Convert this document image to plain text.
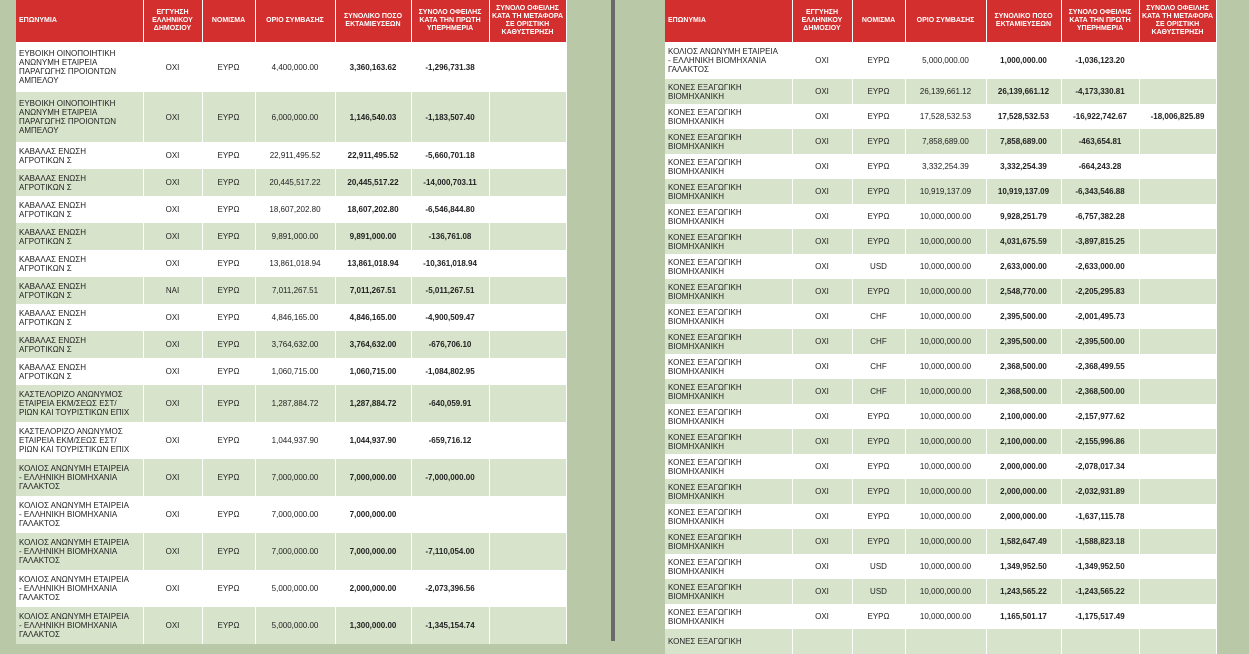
ΕΠΩΝΥΜΙΑ	ΕΓΓΥΗΣΗ ΕΛΛΗΝΙΚΟΥ ΔΗΜΟΣΙΟΥ	ΝΟΜΙΣΜΑ	ΟΡΙΟ ΣΥΜΒΑΣΗΣ	ΣΥΝΟΛΙΚΟ ΠΟΣΟ ΕΚΤΑΜΙΕΥΣΕΩΝ	ΣΥΝΟΛΟ ΟΦΕΙΛΗΣ ΚΑΤΑ ΤΗΝ ΠΡΩΤΗ ΥΠΕΡΗΜΕΡΙΑ	ΣΥΝΟΛΟ ΟΦΕΙΛΗΣ ΚΑΤΑ ΤΗ ΜΕΤΑΦΟΡΑ ΣΕ ΟΡΙΣΤΙΚΗ ΚΑΘΥΣΤΕΡΗΣΗ
ΕΥΒΟΙΚΗ ΟΙΝΟΠΟΙΗΤΙΚΗ
ΑΝΩΝΥΜΗ ΕΤΑΙΡΕΙΑ
ΠΑΡΑΓΩΓΗΣ ΠΡΟΙΟΝΤΩΝ
ΑΜΠΕΛΟΥ	ΟΧΙ	ΕΥΡΩ	4,400,000.00	3,360,163.62	-1,296,731.38	
ΕΥΒΟΙΚΗ ΟΙΝΟΠΟΙΗΤΙΚΗ
ΑΝΩΝΥΜΗ ΕΤΑΙΡΕΙΑ
ΠΑΡΑΓΩΓΗΣ ΠΡΟΙΟΝΤΩΝ
ΑΜΠΕΛΟΥ	ΟΧΙ	ΕΥΡΩ	6,000,000.00	1,146,540.03	-1,183,507.40	
ΚΑΒΑΛΑΣ ΕΝΩΣΗ
ΑΓΡΟΤΙΚΩΝ Σ	ΟΧΙ	ΕΥΡΩ	22,911,495.52	22,911,495.52	-5,660,701.18	
ΚΑΒΑΛΑΣ ΕΝΩΣΗ
ΑΓΡΟΤΙΚΩΝ Σ	ΟΧΙ	ΕΥΡΩ	20,445,517.22	20,445,517.22	-14,000,703.11	
ΚΑΒΑΛΑΣ ΕΝΩΣΗ
ΑΓΡΟΤΙΚΩΝ Σ	ΟΧΙ	ΕΥΡΩ	18,607,202.80	18,607,202.80	-6,546,844.80	
ΚΑΒΑΛΑΣ ΕΝΩΣΗ
ΑΓΡΟΤΙΚΩΝ Σ	ΟΧΙ	ΕΥΡΩ	9,891,000.00	9,891,000.00	-136,761.08	
ΚΑΒΑΛΑΣ ΕΝΩΣΗ
ΑΓΡΟΤΙΚΩΝ Σ	ΟΧΙ	ΕΥΡΩ	13,861,018.94	13,861,018.94	-10,361,018.94	
ΚΑΒΑΛΑΣ ΕΝΩΣΗ
ΑΓΡΟΤΙΚΩΝ Σ	ΝΑΙ	ΕΥΡΩ	7,011,267.51	7,011,267.51	-5,011,267.51	
ΚΑΒΑΛΑΣ ΕΝΩΣΗ
ΑΓΡΟΤΙΚΩΝ Σ	ΟΧΙ	ΕΥΡΩ	4,846,165.00	4,846,165.00	-4,900,509.47	
ΚΑΒΑΛΑΣ ΕΝΩΣΗ
ΑΓΡΟΤΙΚΩΝ Σ	ΟΧΙ	ΕΥΡΩ	3,764,632.00	3,764,632.00	-676,706.10	
ΚΑΒΑΛΑΣ ΕΝΩΣΗ
ΑΓΡΟΤΙΚΩΝ Σ	ΟΧΙ	ΕΥΡΩ	1,060,715.00	1,060,715.00	-1,084,802.95	
ΚΑΣΤΕΛΟΡΙΖΟ ΑΝΩΝΥΜΟΣ
ΕΤΑΙΡΕΙΑ ΕΚΜ/ΣΕΩΣ ΕΣΤ/
ΡΙΩΝ ΚΑΙ ΤΟΥΡΙΣΤΙΚΩΝ ΕΠΙΧ	ΟΧΙ	ΕΥΡΩ	1,287,884.72	1,287,884.72	-640,059.91	
ΚΑΣΤΕΛΟΡΙΖΟ ΑΝΩΝΥΜΟΣ
ΕΤΑΙΡΕΙΑ ΕΚΜ/ΣΕΩΣ ΕΣΤ/
ΡΙΩΝ ΚΑΙ ΤΟΥΡΙΣΤΙΚΩΝ ΕΠΙΧ	ΟΧΙ	ΕΥΡΩ	1,044,937.90	1,044,937.90	-659,716.12	
ΚΟΛΙΟΣ ΑΝΩΝΥΜΗ ΕΤΑΙΡΕΙΑ
- ΕΛΛΗΝΙΚΗ ΒΙΟΜΗΧΑΝΙΑ
ΓΑΛΑΚΤΟΣ	ΟΧΙ	ΕΥΡΩ	7,000,000.00	7,000,000.00	-7,000,000.00	
ΚΟΛΙΟΣ ΑΝΩΝΥΜΗ ΕΤΑΙΡΕΙΑ
- ΕΛΛΗΝΙΚΗ ΒΙΟΜΗΧΑΝΙΑ
ΓΑΛΑΚΤΟΣ	ΟΧΙ	ΕΥΡΩ	7,000,000.00	7,000,000.00		
ΚΟΛΙΟΣ ΑΝΩΝΥΜΗ ΕΤΑΙΡΕΙΑ
- ΕΛΛΗΝΙΚΗ ΒΙΟΜΗΧΑΝΙΑ
ΓΑΛΑΚΤΟΣ	ΟΧΙ	ΕΥΡΩ	7,000,000.00	7,000,000.00	-7,110,054.00	
ΚΟΛΙΟΣ ΑΝΩΝΥΜΗ ΕΤΑΙΡΕΙΑ
- ΕΛΛΗΝΙΚΗ ΒΙΟΜΗΧΑΝΙΑ
ΓΑΛΑΚΤΟΣ	ΟΧΙ	ΕΥΡΩ	5,000,000.00	2,000,000.00	-2,073,396.56	
ΚΟΛΙΟΣ ΑΝΩΝΥΜΗ ΕΤΑΙΡΕΙΑ
- ΕΛΛΗΝΙΚΗ ΒΙΟΜΗΧΑΝΙΑ
ΓΑΛΑΚΤΟΣ	ΟΧΙ	ΕΥΡΩ	5,000,000.00	1,300,000.00	-1,345,154.74	
ΕΠΩΝΥΜΙΑ	ΕΓΓΥΗΣΗ ΕΛΛΗΝΙΚΟΥ ΔΗΜΟΣΙΟΥ	ΝΟΜΙΣΜΑ	ΟΡΙΟ ΣΥΜΒΑΣΗΣ	ΣΥΝΟΛΙΚΟ ΠΟΣΟ ΕΚΤΑΜΙΕΥΣΕΩΝ	ΣΥΝΟΛΟ ΟΦΕΙΛΗΣ ΚΑΤΑ ΤΗΝ ΠΡΩΤΗ ΥΠΕΡΗΜΕΡΙΑ	ΣΥΝΟΛΟ ΟΦΕΙΛΗΣ ΚΑΤΑ ΤΗ ΜΕΤΑΦΟΡΑ ΣΕ ΟΡΙΣΤΙΚΗ ΚΑΘΥΣΤΕΡΗΣΗ
ΚΟΛΙΟΣ ΑΝΩΝΥΜΗ ΕΤΑΙΡΕΙΑ
- ΕΛΛΗΝΙΚΗ ΒΙΟΜΗΧΑΝΙΑ
ΓΑΛΑΚΤΟΣ	ΟΧΙ	ΕΥΡΩ	5,000,000.00	1,000,000.00	-1,036,123.20	
ΚΟΝΕΣ ΕΞΑΓΩΓΙΚΗ
ΒΙΟΜΗΧΑΝΙΚΗ	ΟΧΙ	ΕΥΡΩ	26,139,661.12	26,139,661.12	-4,173,330.81	
ΚΟΝΕΣ ΕΞΑΓΩΓΙΚΗ
ΒΙΟΜΗΧΑΝΙΚΗ	ΟΧΙ	ΕΥΡΩ	17,528,532.53	17,528,532.53	-16,922,742.67	-18,006,825.89
ΚΟΝΕΣ ΕΞΑΓΩΓΙΚΗ
ΒΙΟΜΗΧΑΝΙΚΗ	ΟΧΙ	ΕΥΡΩ	7,858,689.00	7,858,689.00	-463,654.81	
ΚΟΝΕΣ ΕΞΑΓΩΓΙΚΗ
ΒΙΟΜΗΧΑΝΙΚΗ	ΟΧΙ	ΕΥΡΩ	3,332,254.39	3,332,254.39	-664,243.28	
ΚΟΝΕΣ ΕΞΑΓΩΓΙΚΗ
ΒΙΟΜΗΧΑΝΙΚΗ	ΟΧΙ	ΕΥΡΩ	10,919,137.09	10,919,137.09	-6,343,546.88	
ΚΟΝΕΣ ΕΞΑΓΩΓΙΚΗ
ΒΙΟΜΗΧΑΝΙΚΗ	ΟΧΙ	ΕΥΡΩ	10,000,000.00	9,928,251.79	-6,757,382.28	
ΚΟΝΕΣ ΕΞΑΓΩΓΙΚΗ
ΒΙΟΜΗΧΑΝΙΚΗ	ΟΧΙ	ΕΥΡΩ	10,000,000.00	4,031,675.59	-3,897,815.25	
ΚΟΝΕΣ ΕΞΑΓΩΓΙΚΗ
ΒΙΟΜΗΧΑΝΙΚΗ	ΟΧΙ	USD	10,000,000.00	2,633,000.00	-2,633,000.00	
ΚΟΝΕΣ ΕΞΑΓΩΓΙΚΗ
ΒΙΟΜΗΧΑΝΙΚΗ	ΟΧΙ	ΕΥΡΩ	10,000,000.00	2,548,770.00	-2,205,295.83	
ΚΟΝΕΣ ΕΞΑΓΩΓΙΚΗ
ΒΙΟΜΗΧΑΝΙΚΗ	ΟΧΙ	CHF	10,000,000.00	2,395,500.00	-2,001,495.73	
ΚΟΝΕΣ ΕΞΑΓΩΓΙΚΗ
ΒΙΟΜΗΧΑΝΙΚΗ	ΟΧΙ	CHF	10,000,000.00	2,395,500.00	-2,395,500.00	
ΚΟΝΕΣ ΕΞΑΓΩΓΙΚΗ
ΒΙΟΜΗΧΑΝΙΚΗ	ΟΧΙ	CHF	10,000,000.00	2,368,500.00	-2,368,499.55	
ΚΟΝΕΣ ΕΞΑΓΩΓΙΚΗ
ΒΙΟΜΗΧΑΝΙΚΗ	ΟΧΙ	CHF	10,000,000.00	2,368,500.00	-2,368,500.00	
ΚΟΝΕΣ ΕΞΑΓΩΓΙΚΗ
ΒΙΟΜΗΧΑΝΙΚΗ	ΟΧΙ	ΕΥΡΩ	10,000,000.00	2,100,000.00	-2,157,977.62	
ΚΟΝΕΣ ΕΞΑΓΩΓΙΚΗ
ΒΙΟΜΗΧΑΝΙΚΗ	ΟΧΙ	ΕΥΡΩ	10,000,000.00	2,100,000.00	-2,155,996.86	
ΚΟΝΕΣ ΕΞΑΓΩΓΙΚΗ
ΒΙΟΜΗΧΑΝΙΚΗ	ΟΧΙ	ΕΥΡΩ	10,000,000.00	2,000,000.00	-2,078,017.34	
ΚΟΝΕΣ ΕΞΑΓΩΓΙΚΗ
ΒΙΟΜΗΧΑΝΙΚΗ	ΟΧΙ	ΕΥΡΩ	10,000,000.00	2,000,000.00	-2,032,931.89	
ΚΟΝΕΣ ΕΞΑΓΩΓΙΚΗ
ΒΙΟΜΗΧΑΝΙΚΗ	ΟΧΙ	ΕΥΡΩ	10,000,000.00	2,000,000.00	-1,637,115.78	
ΚΟΝΕΣ ΕΞΑΓΩΓΙΚΗ
ΒΙΟΜΗΧΑΝΙΚΗ	ΟΧΙ	ΕΥΡΩ	10,000,000.00	1,582,647.49	-1,588,823.18	
ΚΟΝΕΣ ΕΞΑΓΩΓΙΚΗ
ΒΙΟΜΗΧΑΝΙΚΗ	ΟΧΙ	USD	10,000,000.00	1,349,952.50	-1,349,952.50	
ΚΟΝΕΣ ΕΞΑΓΩΓΙΚΗ
ΒΙΟΜΗΧΑΝΙΚΗ	ΟΧΙ	USD	10,000,000.00	1,243,565.22	-1,243,565.22	
ΚΟΝΕΣ ΕΞΑΓΩΓΙΚΗ
ΒΙΟΜΗΧΑΝΙΚΗ	ΟΧΙ	ΕΥΡΩ	10,000,000.00	1,165,501.17	-1,175,517.49	
ΚΟΝΕΣ ΕΞΑΓΩΓΙΚΗ						
